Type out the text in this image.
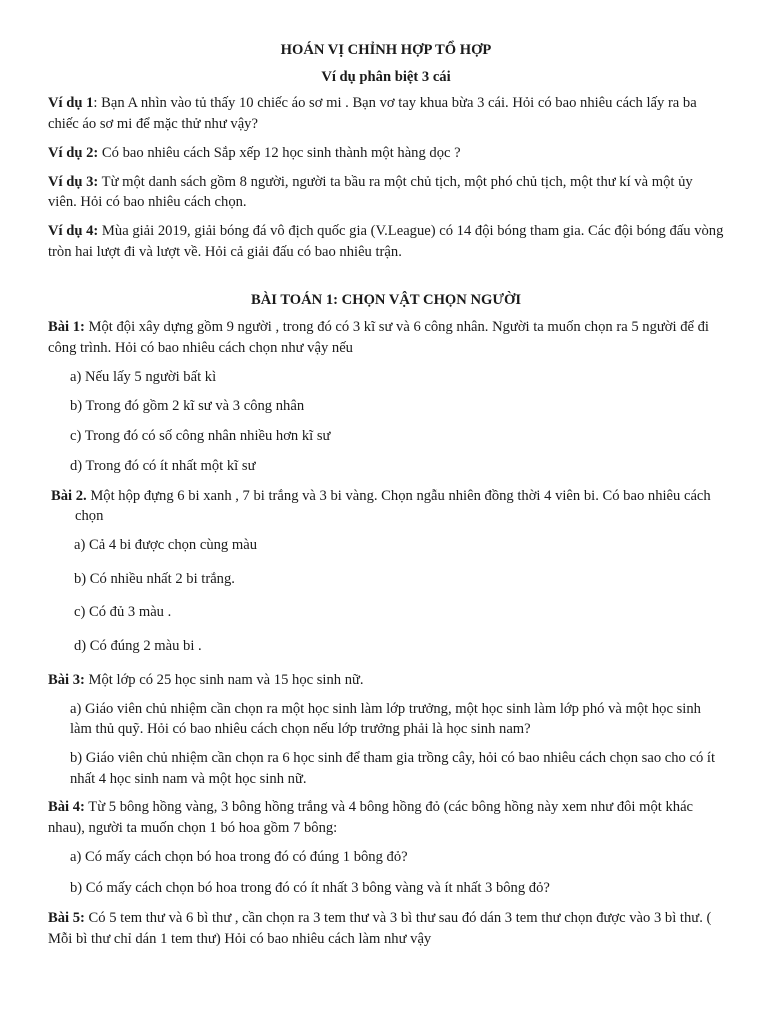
HOÁN VỊ CHỈNH HỢP TỔ HỢP
Ví dụ phân biệt 3 cái
Ví dụ 1: Bạn A nhìn vào tủ thấy 10 chiếc áo sơ mi . Bạn vơ tay khua bừa 3 cái. Hỏi có bao nhiêu cách lấy ra ba chiếc áo sơ mi để mặc thử như vậy?
Ví dụ 2: Có bao nhiêu cách Sắp xếp 12 học sinh thành một hàng dọc ?
Ví dụ 3: Từ một danh sách gồm 8 người, người ta bầu ra một chủ tịch, một phó chủ tịch, một thư kí và một ủy viên. Hỏi có bao nhiêu cách chọn.
Ví dụ 4: Mùa giải 2019, giải bóng đá vô địch quốc gia (V.League) có 14 đội bóng tham gia. Các đội bóng đấu vòng tròn hai lượt đi và lượt về. Hỏi cả giải đấu có bao nhiêu trận.
BÀI TOÁN 1: CHỌN VẬT CHỌN NGƯỜI
Bài 1: Một đội xây dựng gồm 9 người , trong đó có 3 kĩ sư và 6 công nhân. Người ta muốn chọn ra 5 người để đi công trình. Hỏi có bao nhiêu cách chọn như vậy nếu
a) Nếu lấy 5 người bất kì
b) Trong đó gồm 2 kĩ sư và 3 công nhân
c) Trong đó có số công nhân nhiều hơn kĩ sư
d) Trong đó có ít nhất một kĩ sư
Bài 2. Một hộp đựng 6 bi xanh , 7 bi trắng và 3 bi vàng. Chọn ngẫu nhiên đồng thời 4 viên bi. Có bao nhiêu cách chọn
a) Cả 4 bi được chọn cùng màu
b) Có nhiều nhất 2 bi trắng.
c) Có đủ 3 màu .
d) Có đúng 2 màu bi .
Bài 3: Một lớp có 25 học sinh nam và 15 học sinh nữ.
a) Giáo viên chủ nhiệm cần chọn ra một học sinh làm lớp trưởng, một học sinh làm lớp phó và một học sinh làm thủ quỹ. Hỏi có bao nhiêu cách chọn nếu lớp trưởng phải là học sinh nam?
b) Giáo viên chủ nhiệm cần chọn ra 6 học sinh để tham gia trồng cây, hỏi có bao nhiêu cách chọn sao cho có ít nhất 4 học sinh nam và một học sinh nữ.
Bài 4: Từ 5 bông hồng vàng, 3 bông hồng trắng và 4 bông hồng đỏ (các bông hồng này xem như đôi một khác nhau), người ta muốn chọn 1 bó hoa gồm 7 bông:
a) Có mấy cách chọn bó hoa trong đó có đúng 1 bông đỏ?
b) Có mấy cách chọn bó hoa trong đó có ít nhất 3 bông vàng và ít nhất 3 bông đỏ?
Bài 5: Có 5 tem thư và 6 bì thư , cần chọn ra 3 tem thư và 3 bì thư sau đó dán 3 tem thư chọn được vào 3 bì thư. ( Mỗi bì thư chỉ dán 1 tem thư) Hỏi có bao nhiêu cách làm như vậy
